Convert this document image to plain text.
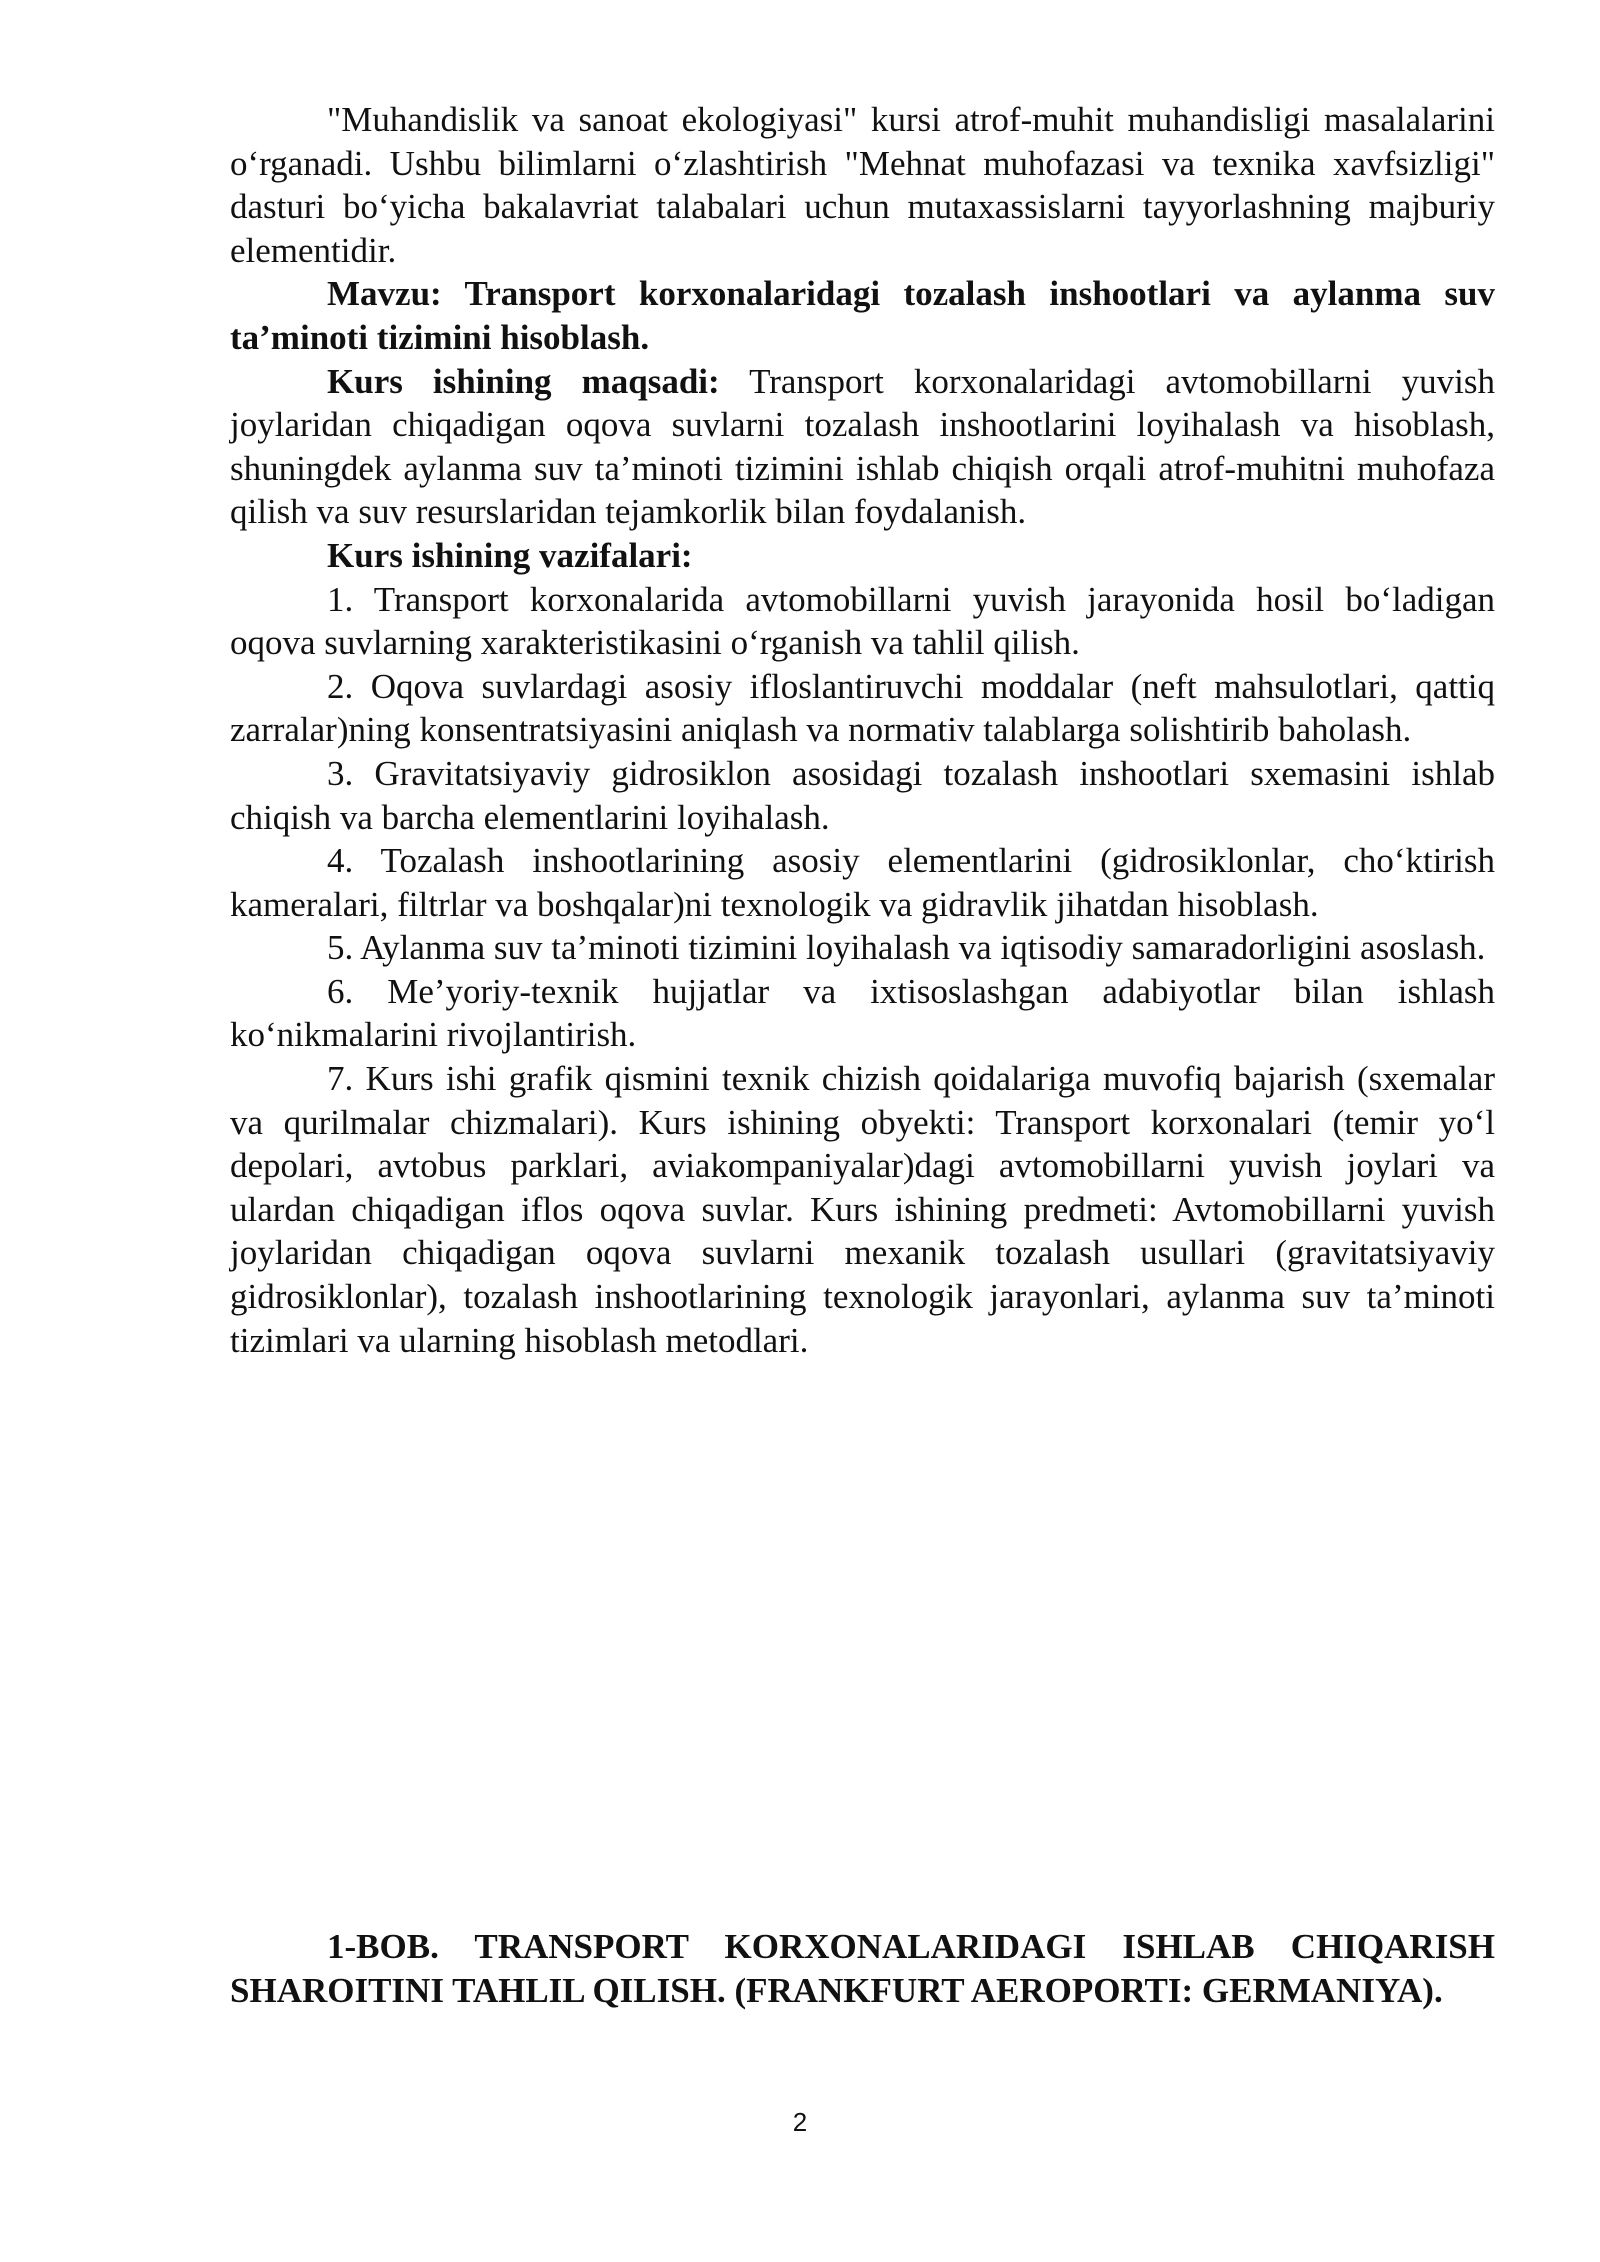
"Muhandislik va sanoat ekologiyasi" kursi atrof-muhit muhandisligi masalalarini o‘rganadi. Ushbu bilimlarni o‘zlashtirish "Mehnat muhofazasi va texnika xavfsizligi" dasturi bo‘yicha bakalavriat talabalari uchun mutaxassislarni tayyorlashning majburiy elementidir.

Mavzu: Transport korxonalaridagi tozalash inshootlari va aylanma suv ta’minoti tizimini hisoblash.

Kurs ishining maqsadi: Transport korxonalaridagi avtomobillarni yuvish joylaridan chiqadigan oqova suvlarni tozalash inshootlarini loyihalash va hisoblash, shuningdek aylanma suv ta’minoti tizimini ishlab chiqish orqali atrof-muhitni muhofaza qilish va suv resurslaridan tejamkorlik bilan foydalanish.

Kurs ishining vazifalari:

1. Transport korxonalarida avtomobillarni yuvish jarayonida hosil bo‘ladigan oqova suvlarning xarakteristikasini o‘rganish va tahlil qilish.

2. Oqova suvlardagi asosiy ifloslantiruvchi moddalar (neft mahsulotlari, qattiq zarralar)ning konsentratsiyasini aniqlash va normativ talablarga solishtirib baholash.

3. Gravitatsiyaviy gidrosiklon asosidagi tozalash inshootlari sxemasini ishlab chiqish va barcha elementlarini loyihalash.

4. Tozalash inshootlarining asosiy elementlarini (gidrosiklonlar, cho‘ktirish kameralari, filtrlar va boshqalar)ni texnologik va gidravlik jihatdan hisoblash.

5. Aylanma suv ta’minoti tizimini loyihalash va iqtisodiy samaradorligini asoslash.

6. Me’yoriy-texnik hujjatlar va ixtisoslashgan adabiyotlar bilan ishlash ko‘nikmalarini rivojlantirish.

7. Kurs ishi grafik qismini texnik chizish qoidalariga muvofiq bajarish (sxemalar va qurilmalar chizmalari). Kurs ishining obyekti: Transport korxonalari (temir yo‘l depolari, avtobus parklari, aviakompaniyalar)dagi avtomobillarni yuvish joylari va ulardan chiqadigan iflos oqova suvlar. Kurs ishining predmeti: Avtomobillarni yuvish joylaridan chiqadigan oqova suvlarni mexanik tozalash usullari (gravitatsiyaviy gidrosiklonlar), tozalash inshootlarining texnologik jarayonlari, aylanma suv ta’minoti tizimlari va ularning hisoblash metodlari.

1-BOB. TRANSPORT KORXONALARIDAGI ISHLAB CHIQARISH SHAROITINI TAHLIL QILISH. (FRANKFURT AEROPORTI: GERMANIYA).

2
